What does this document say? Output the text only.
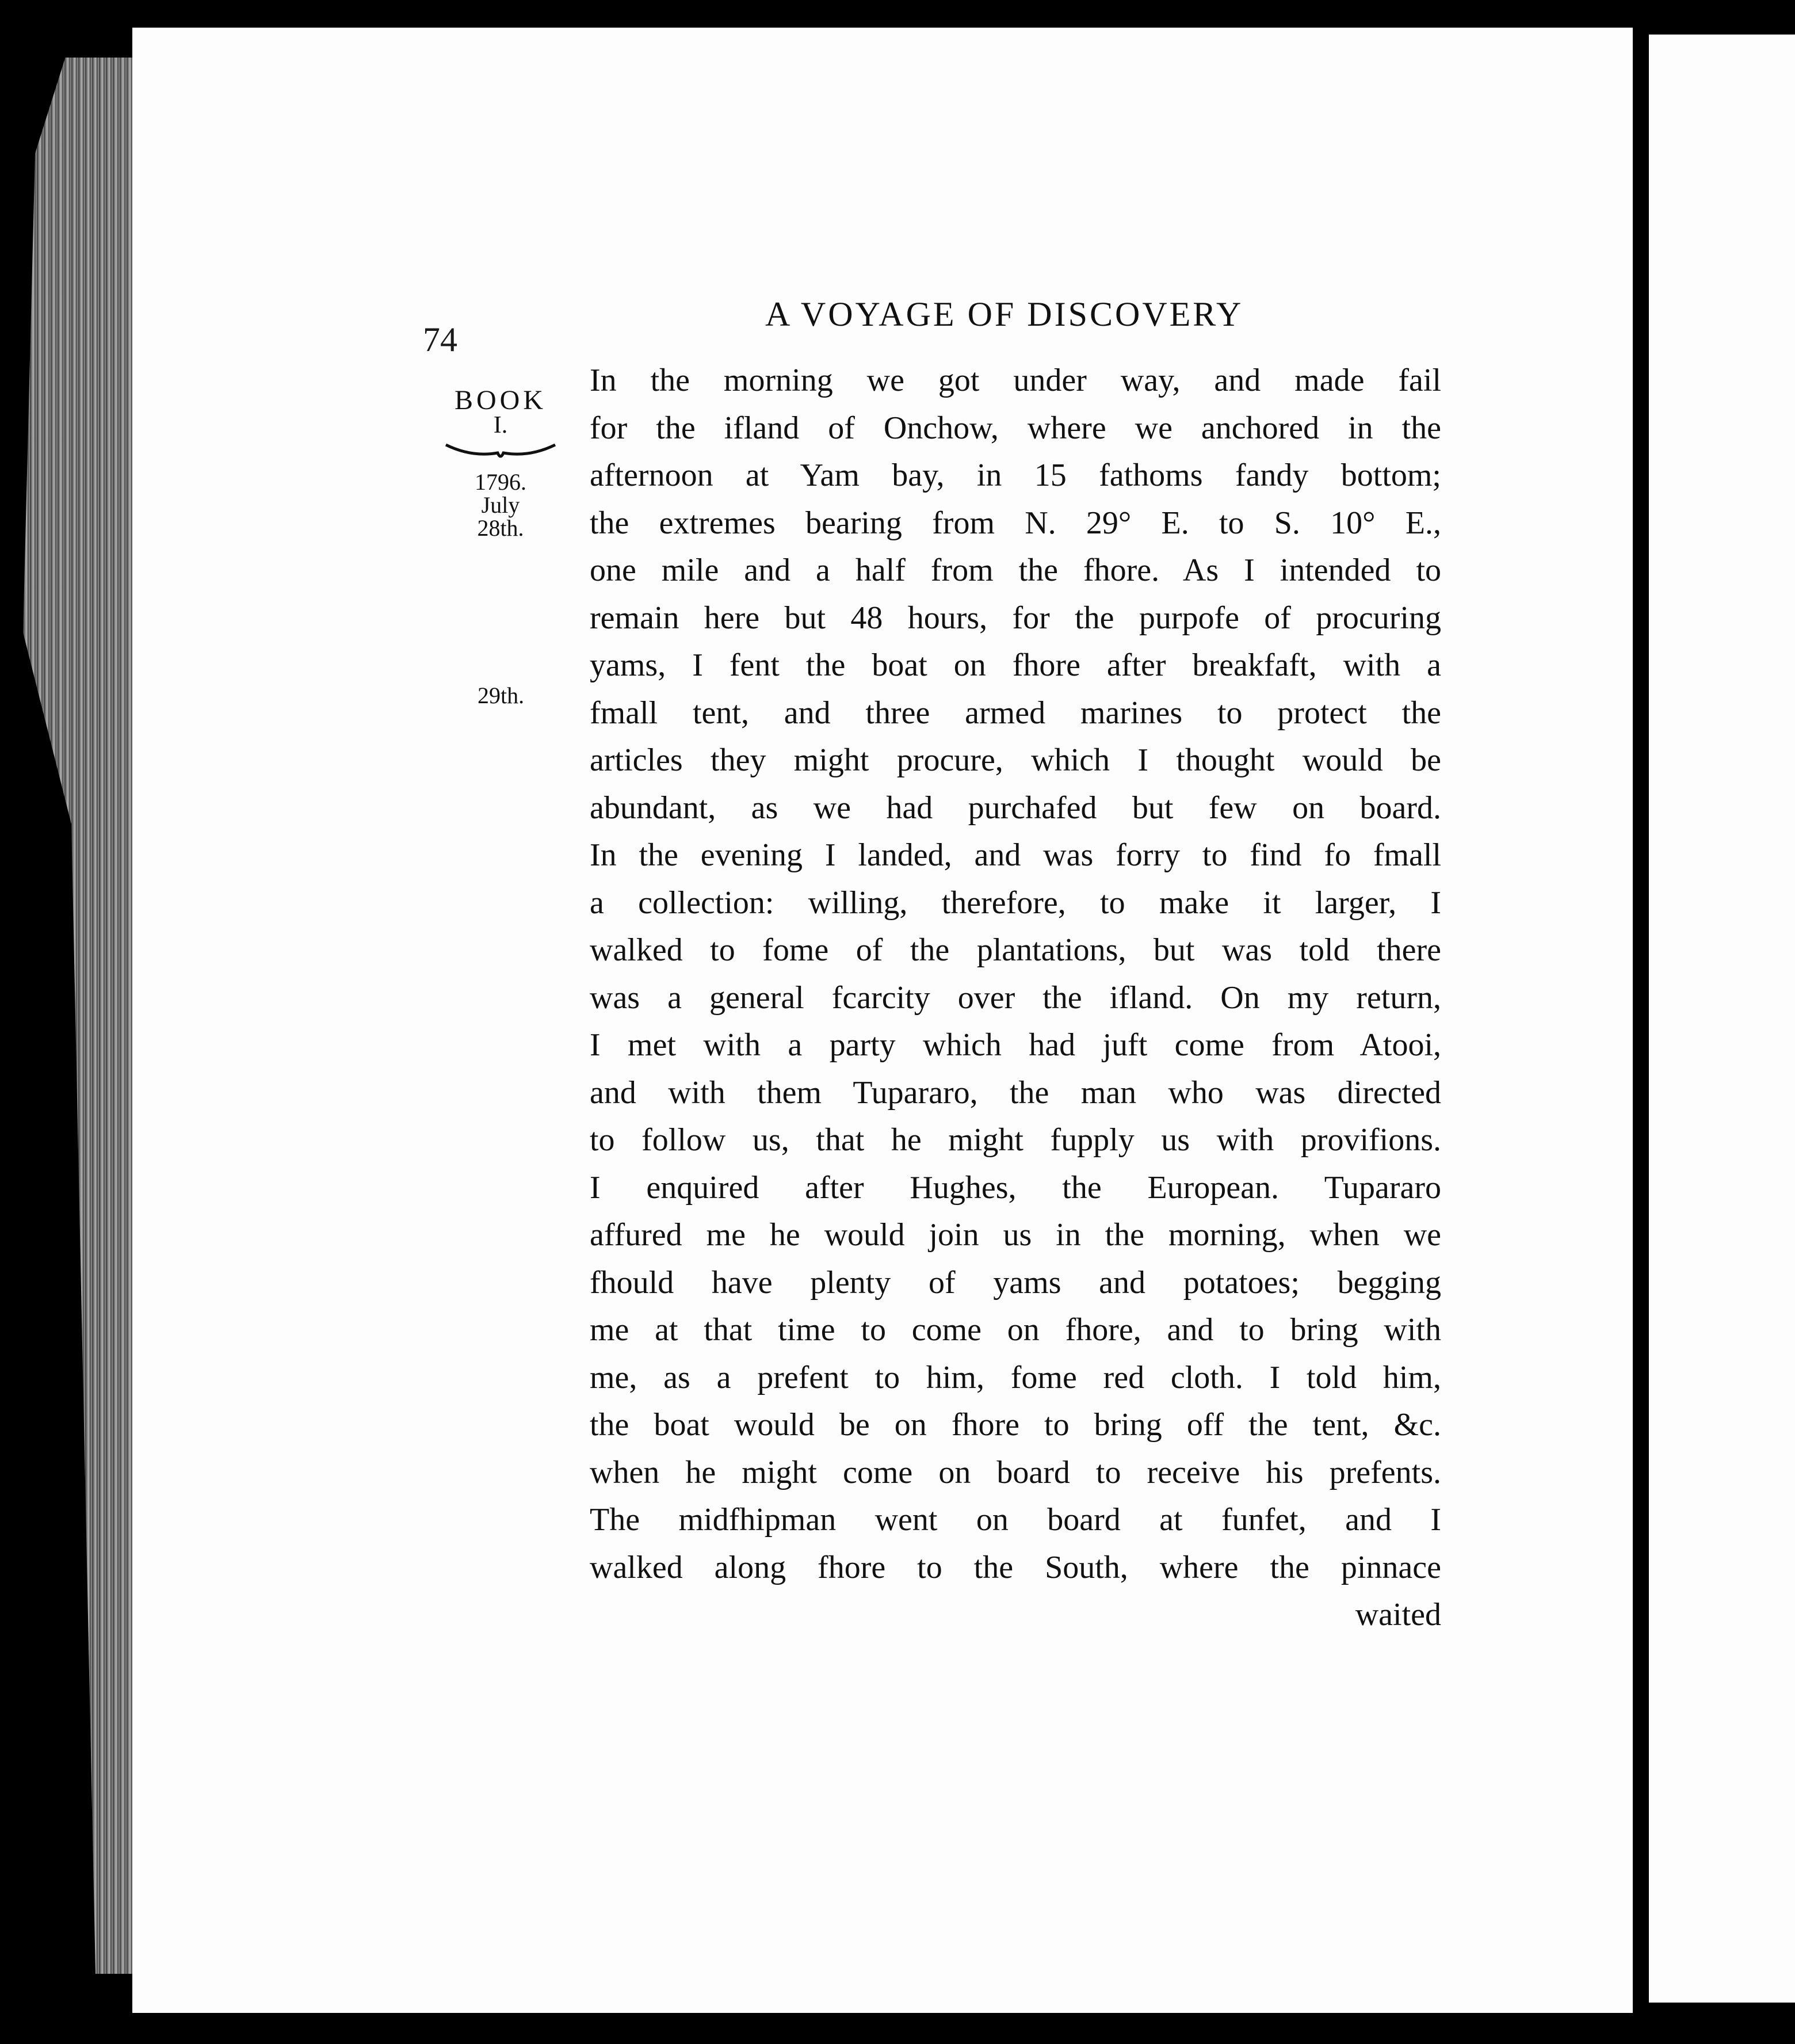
74
A VOYAGE OF DISCOVERY
BOOK
I.
1796.
July
28th.
29th.
In the morning we got under way, and made fail
for the ifland of Onchow, where we anchored in the
afternoon at Yam bay, in 15 fathoms fandy bottom;
the extremes bearing from N. 29° E. to S. 10° E.,
one mile and a half from the fhore. As I intended to
remain here but 48 hours, for the purpofe of procuring
yams, I fent the boat on fhore after breakfaft, with a
fmall tent, and three armed marines to protect the
articles they might procure, which I thought would be
abundant, as we had purchafed but few on board.
In the evening I landed, and was forry to find fo fmall
a collection: willing, therefore, to make it larger, I
walked to fome of the plantations, but was told there
was a general fcarcity over the ifland. On my return,
I met with a party which had juft come from Atooi,
and with them Tupararo, the man who was directed
to follow us, that he might fupply us with provifions.
I enquired after Hughes, the European. Tupararo
affured me he would join us in the morning, when we
fhould have plenty of yams and potatoes; begging
me at that time to come on fhore, and to bring with
me, as a prefent to him, fome red cloth. I told him,
the boat would be on fhore to bring off the tent, &c.
when he might come on board to receive his prefents.
The midfhipman went on board at funfet, and I
walked along fhore to the South, where the pinnace
waited
